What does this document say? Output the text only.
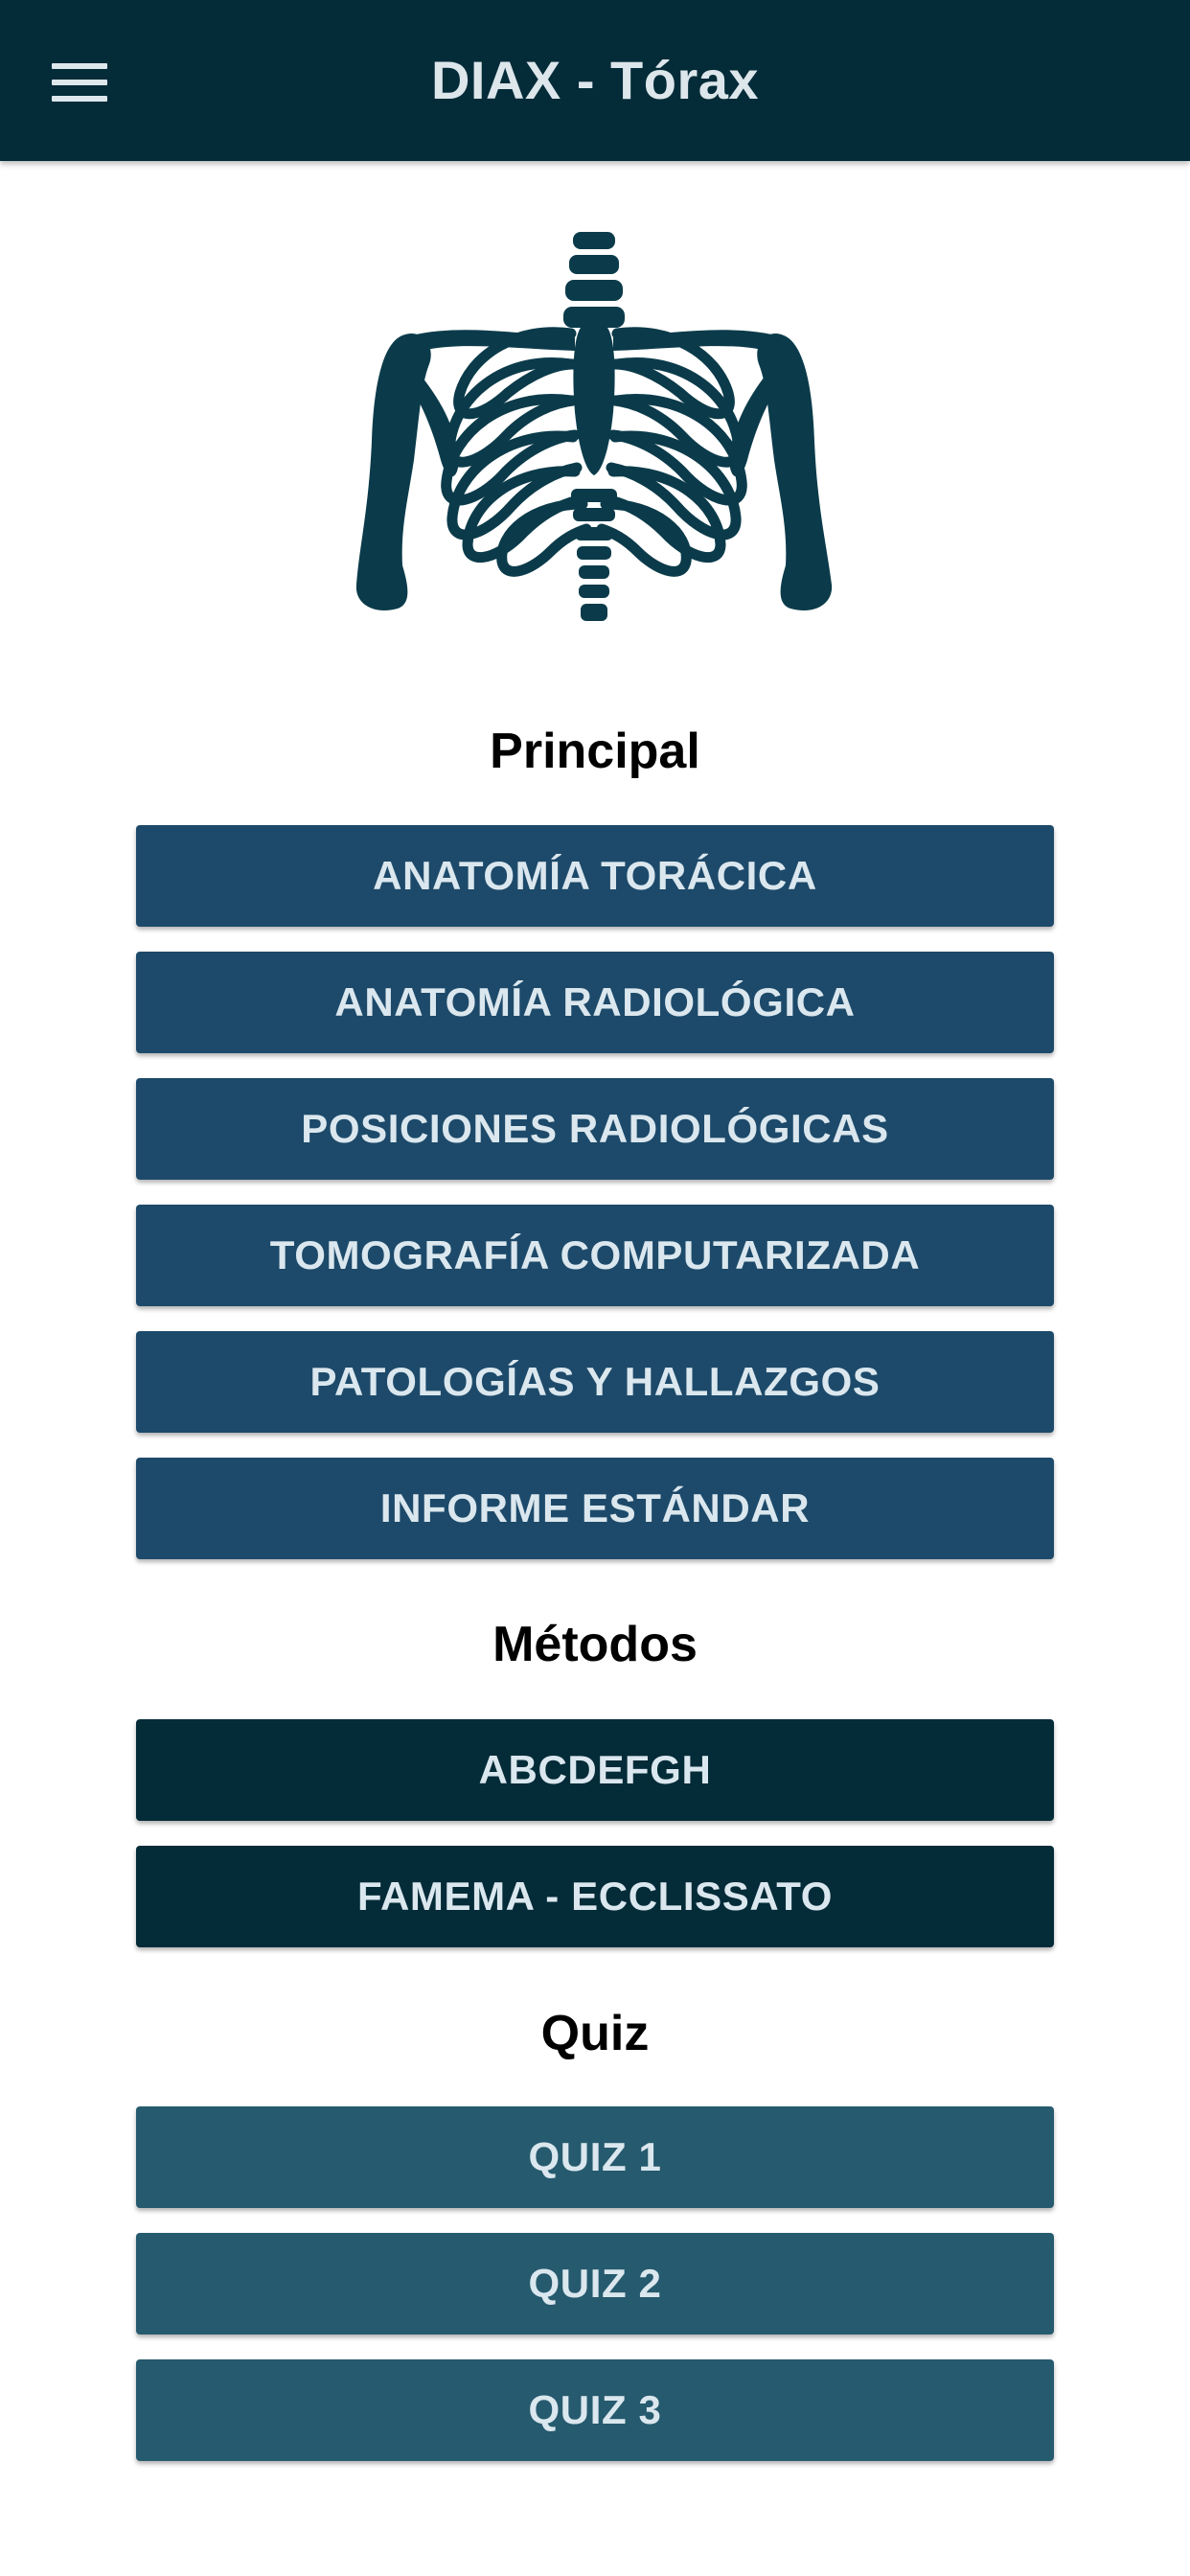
DIAX - Tórax
Principal
ANATOMÍA TORÁCICA
ANATOMÍA RADIOLÓGICA
POSICIONES RADIOLÓGICAS
TOMOGRAFÍA COMPUTARIZADA
PATOLOGÍAS Y HALLAZGOS
INFORME ESTÁNDAR
Métodos
ABCDEFGH
FAMEMA - ECCLISSATO
Quiz
QUIZ 1
QUIZ 2
QUIZ 3
